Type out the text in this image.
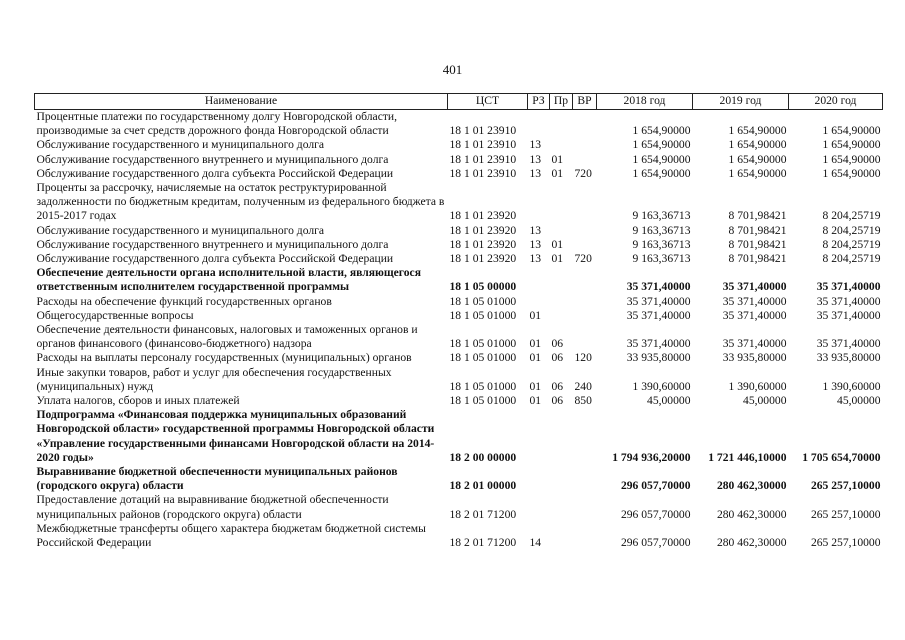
401
Наименование	ЦСТ	РЗ	Пр	ВР	2018 год	2019 год	2020 год
Процентные платежи по государственному долгу Новгородской области, производимые за счет средств дорожного фонда Новгородской области	18 1 01 23910				1 654,90000	1 654,90000	1 654,90000
Обслуживание государственного и муниципального долга	18 1 01 23910	13			1 654,90000	1 654,90000	1 654,90000
Обслуживание государственного внутреннего и муниципального долга	18 1 01 23910	13	01		1 654,90000	1 654,90000	1 654,90000
Обслуживание государственного долга субъекта Российской Федерации	18 1 01 23910	13	01	720	1 654,90000	1 654,90000	1 654,90000
Проценты за рассрочку, начисляемые на остаток реструктурированной задолженности по бюджетным кредитам, полученным из федерального бюджета в 2015-2017 годах	18 1 01 23920				9 163,36713	8 701,98421	8 204,25719
Обслуживание государственного и муниципального долга	18 1 01 23920	13			9 163,36713	8 701,98421	8 204,25719
Обслуживание государственного внутреннего и муниципального долга	18 1 01 23920	13	01		9 163,36713	8 701,98421	8 204,25719
Обслуживание государственного долга субъекта Российской Федерации	18 1 01 23920	13	01	720	9 163,36713	8 701,98421	8 204,25719
Обеспечение деятельности органа исполнительной власти, являющегося ответственным исполнителем государственной программы	18 1 05 00000				35 371,40000	35 371,40000	35 371,40000
Расходы на обеспечение функций государственных органов	18 1 05 01000				35 371,40000	35 371,40000	35 371,40000
Общегосударственные вопросы	18 1 05 01000	01			35 371,40000	35 371,40000	35 371,40000
Обеспечение деятельности финансовых, налоговых и таможенных органов и органов финансового (финансово-бюджетного) надзора	18 1 05 01000	01	06		35 371,40000	35 371,40000	35 371,40000
Расходы на выплаты персоналу государственных (муниципальных) органов	18 1 05 01000	01	06	120	33 935,80000	33 935,80000	33 935,80000
Иные закупки товаров, работ и услуг для обеспечения государственных (муниципальных) нужд	18 1 05 01000	01	06	240	1 390,60000	1 390,60000	1 390,60000
Уплата налогов, сборов и иных платежей	18 1 05 01000	01	06	850	45,00000	45,00000	45,00000
Подпрограмма «Финансовая поддержка муниципальных образований Новгородской области» государственной программы Новгородской области «Управление государственными финансами Новгородской области на 2014-2020 годы»	18 2 00 00000				1 794 936,20000	1 721 446,10000	1 705 654,70000
Выравнивание бюджетной обеспеченности муниципальных районов (городского округа) области	18 2 01 00000				296 057,70000	280 462,30000	265 257,10000
Предоставление дотаций на выравнивание бюджетной обеспеченности муниципальных районов (городского округа) области	18 2 01 71200				296 057,70000	280 462,30000	265 257,10000
Межбюджетные трансферты общего характера бюджетам бюджетной системы Российской Федерации	18 2 01 71200	14			296 057,70000	280 462,30000	265 257,10000
